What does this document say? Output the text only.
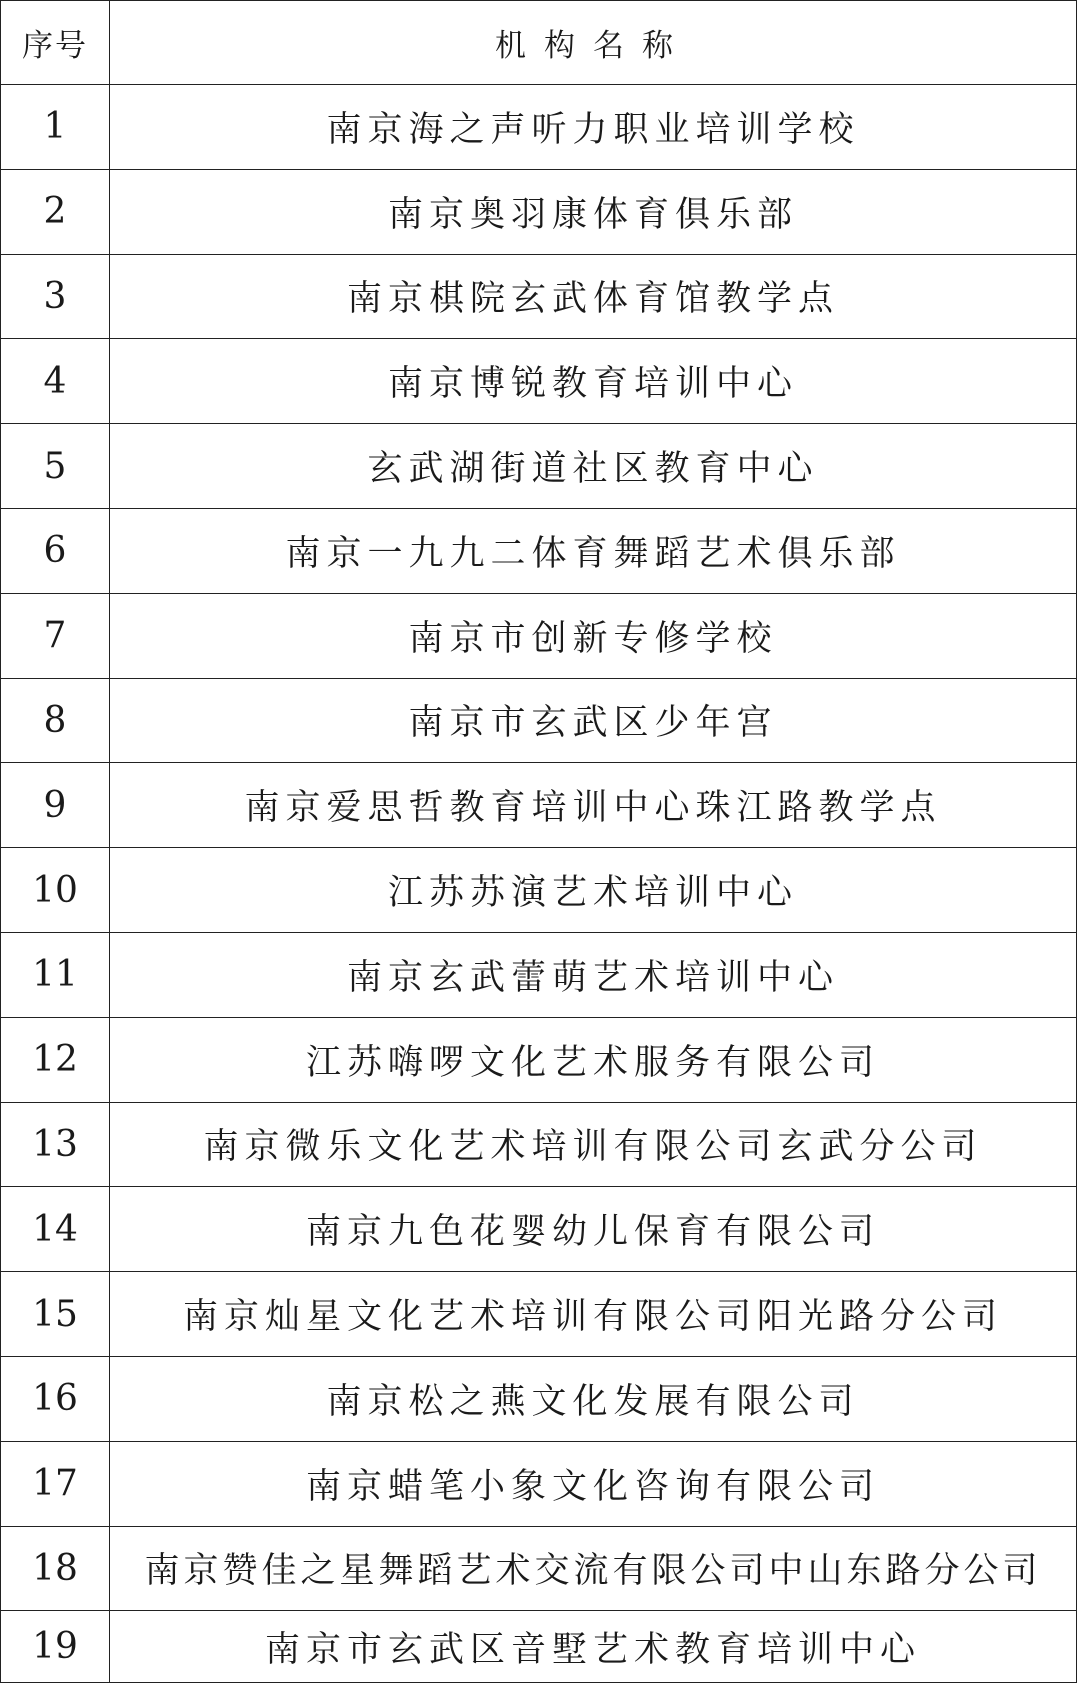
序号	机构名称
1	南京海之声听力职业培训学校
2	南京奥羽康体育俱乐部
3	南京棋院玄武体育馆教学点
4	南京博锐教育培训中心
5	玄武湖街道社区教育中心
6	南京一九九二体育舞蹈艺术俱乐部
7	南京市创新专修学校
8	南京市玄武区少年宫
9	南京爱思哲教育培训中心珠江路教学点
10	江苏苏演艺术培训中心
11	南京玄武蕾萌艺术培训中心
12	江苏嗨啰文化艺术服务有限公司
13	南京微乐文化艺术培训有限公司玄武分公司
14	南京九色花婴幼儿保育有限公司
15	南京灿星文化艺术培训有限公司阳光路分公司
16	南京松之燕文化发展有限公司
17	南京蜡笔小象文化咨询有限公司
18	南京赞佳之星舞蹈艺术交流有限公司中山东路分公司
19	南京市玄武区音墅艺术教育培训中心
